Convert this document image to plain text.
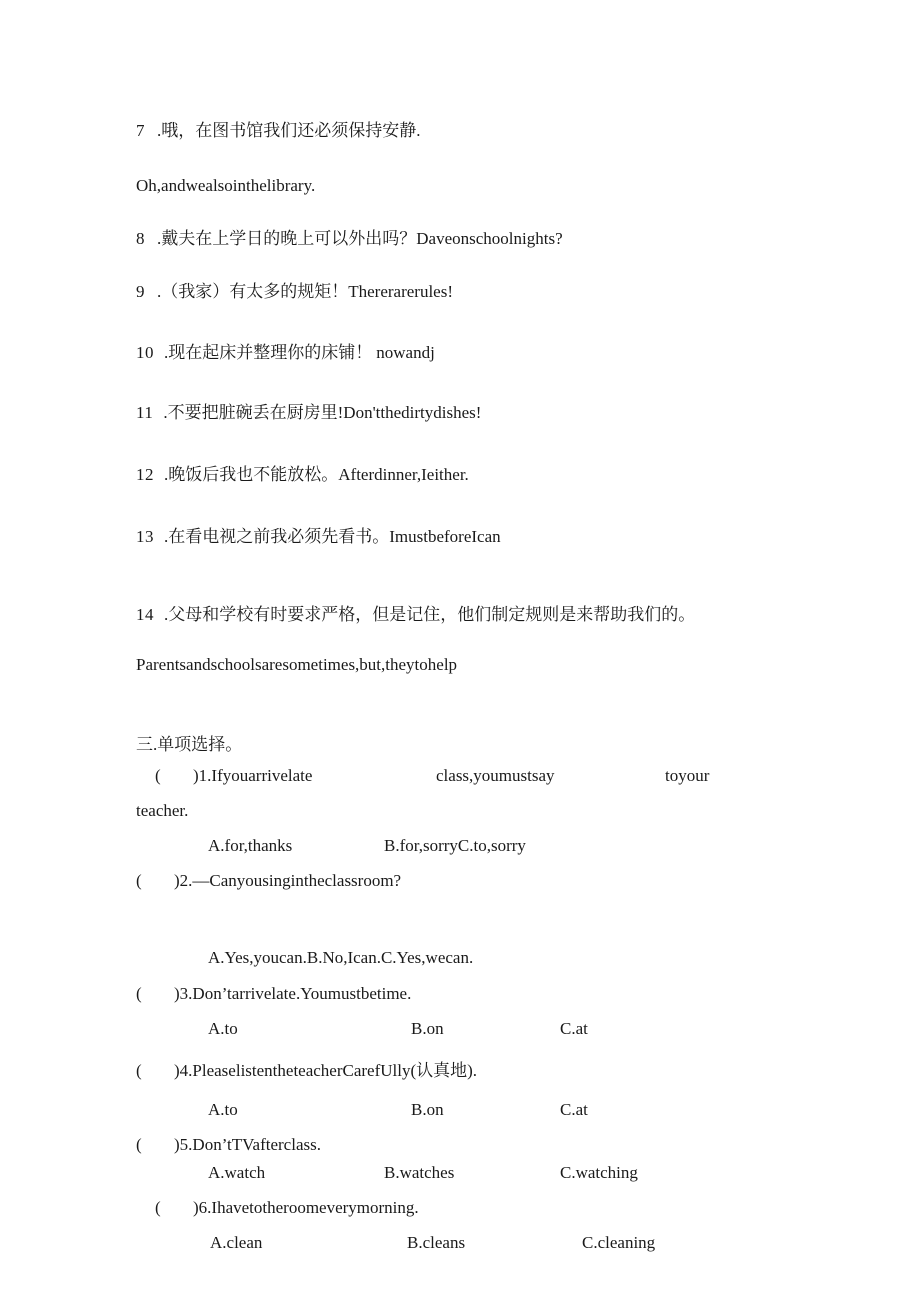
7 .哦，在图书馆我们还必须保持安静.
Oh,andwealsointhelibrary.
8 .戴夫在上学日的晚上可以外出吗？Daveonschoolnights?
9 .（我家）有太多的规矩！Thererarerules!
10 .现在起床并整理你的床铺！ nowandj
11 .不要把脏碗丢在厨房里!Don'tthedirtydishes!
12 .晚饭后我也不能放松。Afterdinner,Ieither.
13 .在看电视之前我必须先看书。ImustbeforeIcan
14 .父母和学校有时要求严格，但是记住，他们制定规则是来帮助我们的。
Parentsandschoolsaresometimes,but,theytohelp
三.单项选择。
( )1.Ifyouarrivelate	class,youmustsay	toyour
teacher.
A.for,thanks	B.for,sorryC.to,sorry
( )2.—Canyousingintheclassroom?
A.Yes,youcan.B.No,Ican.C.Yes,wecan.
( )3.Don’tarrivelate.Youmustbetime.
A.to	B.on	C.at
( )4.PleaselistentheteacherCarefUlly(认真地).
A.to	B.on	C.at
( )5.Don’tTVafterclass.
A.watch	B.watches	C.watching
( )6.Ihavetotheroomeverymorning.
A.clean	B.cleans	C.cleaning
